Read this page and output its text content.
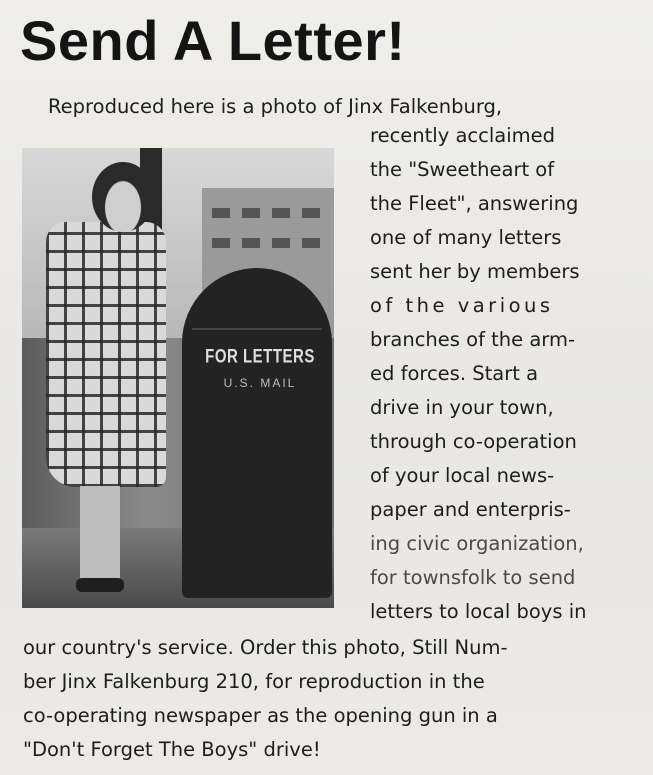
Send A Letter!
Reproduced here is a photo of Jinx Falkenburg,
FOR LETTERS
U.S. MAIL
recently acclaimed
the "Sweetheart of
the Fleet", answering
one of many letters
sent her by members
of the various
branches of the arm-
ed forces. Start a
drive in your town,
through co-operation
of your local news-
paper and enterpris-
ing civic organization,
for townsfolk to send
letters to local boys in
our country's service. Order this photo, Still Num-
ber Jinx Falkenburg 210, for reproduction in the
co-operating newspaper as the opening gun in a
"Don't Forget The Boys" drive!
